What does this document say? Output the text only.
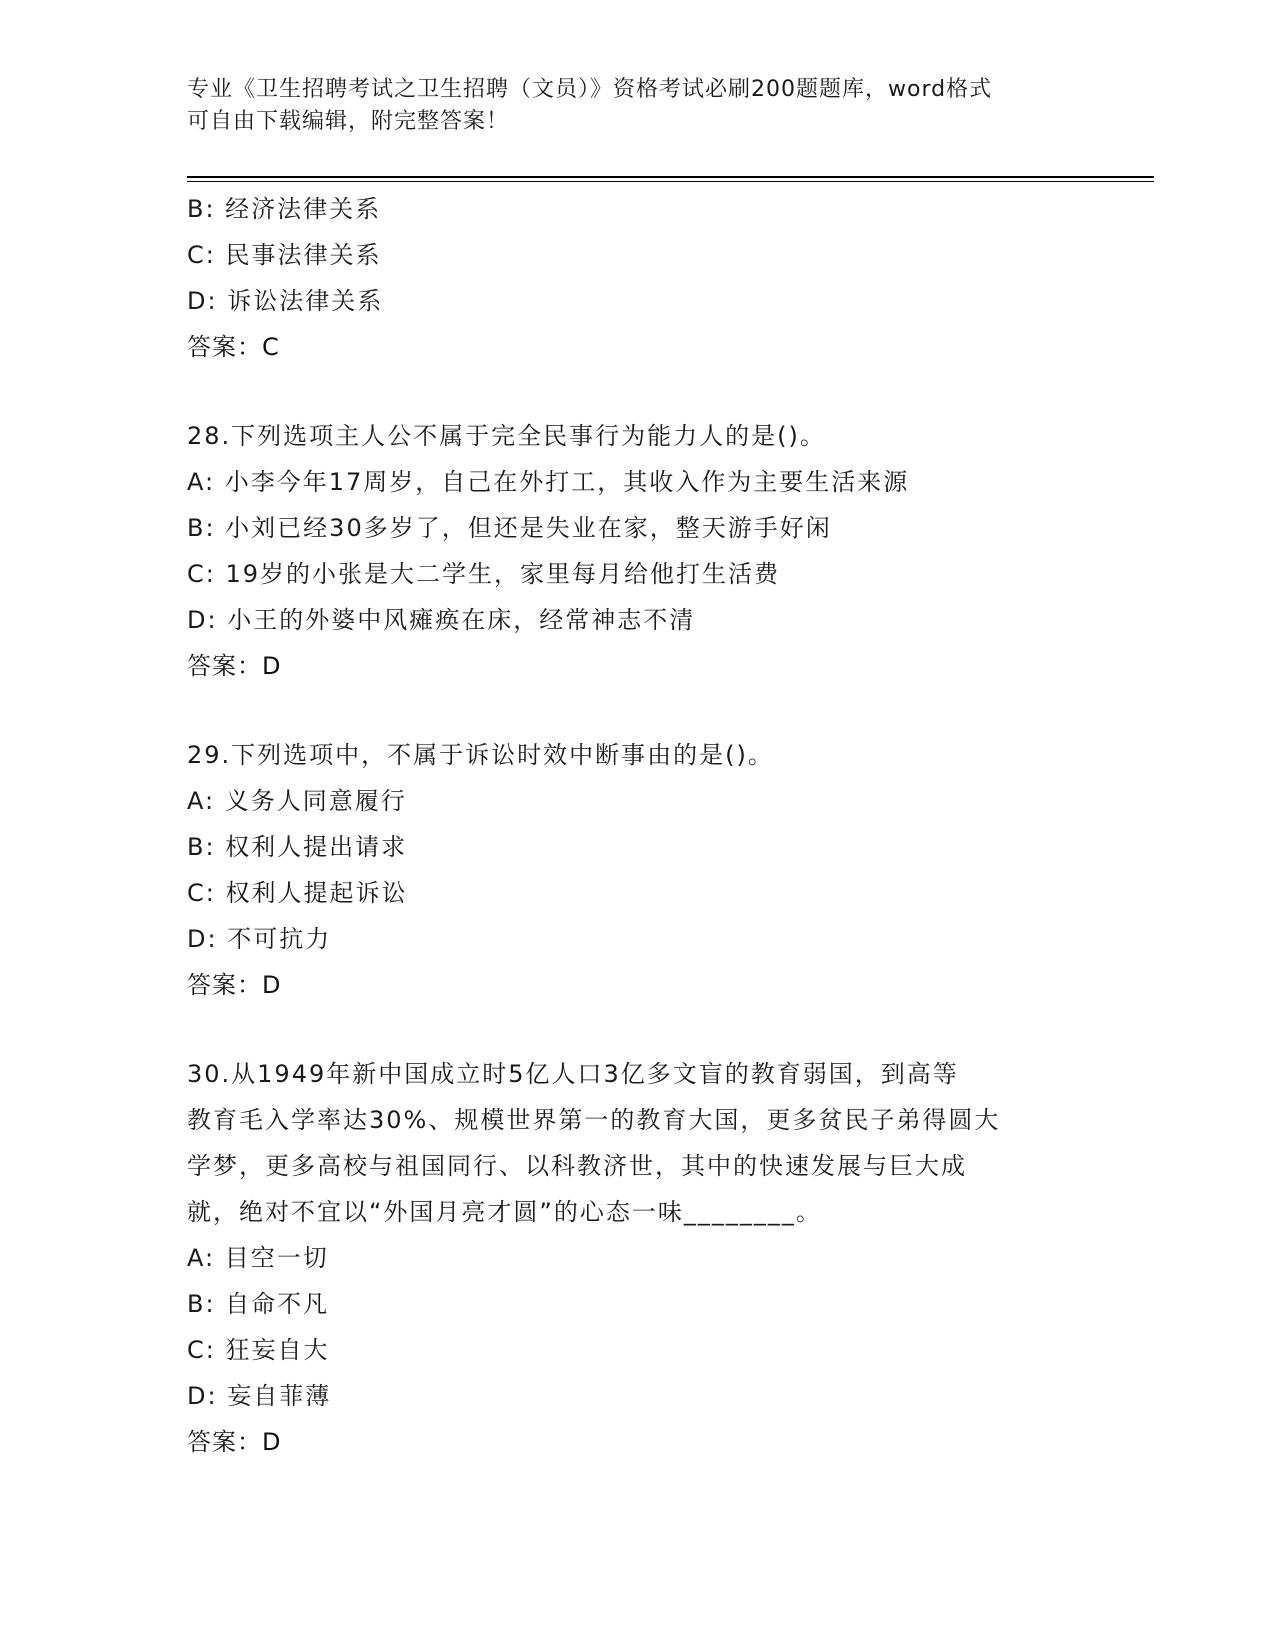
专业《卫生招聘考试之卫生招聘（文员）》资格考试必刷200题题库，word格式
可自由下载编辑，附完整答案！
B: 经济法律关系
C: 民事法律关系
D: 诉讼法律关系
答案：C
28.下列选项主人公不属于完全民事行为能力人的是()。
A: 小李今年17周岁，自己在外打工，其收入作为主要生活来源
B: 小刘已经30多岁了，但还是失业在家，整天游手好闲
C: 19岁的小张是大二学生，家里每月给他打生活费
D: 小王的外婆中风瘫痪在床，经常神志不清
答案：D
29.下列选项中，不属于诉讼时效中断事由的是()。
A: 义务人同意履行
B: 权利人提出请求
C: 权利人提起诉讼
D: 不可抗力
答案：D
30.从1949年新中国成立时5亿人口3亿多文盲的教育弱国，到高等
教育毛入学率达30%、规模世界第一的教育大国，更多贫民子弟得圆大
学梦，更多高校与祖国同行、以科教济世，其中的快速发展与巨大成
就，绝对不宜以“外国月亮才圆”的心态一味________。
A: 目空一切
B: 自命不凡
C: 狂妄自大
D: 妄自菲薄
答案：D
